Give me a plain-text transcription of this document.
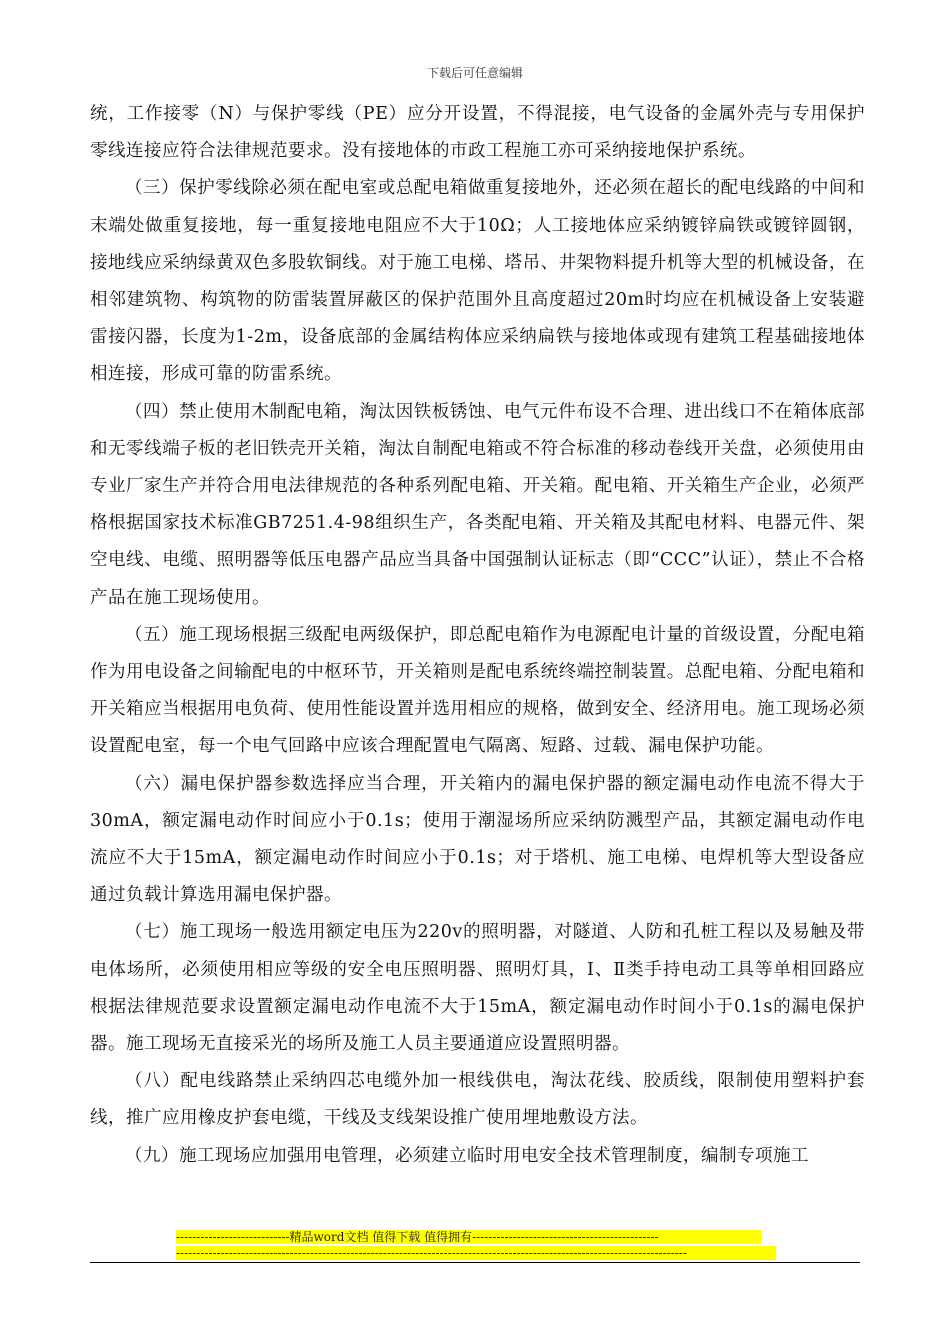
下载后可任意编辑

统，工作接零（N）与保护零线（PE）应分开设置，不得混接，电气设备的金属外壳与专用保护零线连接应符合法律规范要求。没有接地体的市政工程施工亦可采纳接地保护系统。

（三）保护零线除必须在配电室或总配电箱做重复接地外，还必须在超长的配电线路的中间和末端处做重复接地，每一重复接地电阻应不大于10Ω；人工接地体应采纳镀锌扁铁或镀锌圆钢，接地线应采纳绿黄双色多股软铜线。对于施工电梯、塔吊、井架物料提升机等大型的机械设备，在相邻建筑物、构筑物的防雷装置屏蔽区的保护范围外且高度超过20m时均应在机械设备上安装避雷接闪器，长度为1-2m，设备底部的金属结构体应采纳扁铁与接地体或现有建筑工程基础接地体相连接，形成可靠的防雷系统。

（四）禁止使用木制配电箱，淘汰因铁板锈蚀、电气元件布设不合理、进出线口不在箱体底部和无零线端子板的老旧铁壳开关箱，淘汰自制配电箱或不符合标准的移动卷线开关盘，必须使用由专业厂家生产并符合用电法律规范的各种系列配电箱、开关箱。配电箱、开关箱生产企业，必须严格根据国家技术标准GB7251.4-98组织生产，各类配电箱、开关箱及其配电材料、电器元件、架空电线、电缆、照明器等低压电器产品应当具备中国强制认证标志（即“CCC”认证），禁止不合格产品在施工现场使用。

（五）施工现场根据三级配电两级保护，即总配电箱作为电源配电计量的首级设置，分配电箱作为用电设备之间输配电的中枢环节，开关箱则是配电系统终端控制装置。总配电箱、分配电箱和开关箱应当根据用电负荷、使用性能设置并选用相应的规格，做到安全、经济用电。施工现场必须设置配电室，每一个电气回路中应该合理配置电气隔离、短路、过载、漏电保护功能。

（六）漏电保护器参数选择应当合理，开关箱内的漏电保护器的额定漏电动作电流不得大于30mA，额定漏电动作时间应小于0.1s；使用于潮湿场所应采纳防溅型产品，其额定漏电动作电流应不大于15mA，额定漏电动作时间应小于0.1s；对于塔机、施工电梯、电焊机等大型设备应通过负载计算选用漏电保护器。

（七）施工现场一般选用额定电压为220v的照明器，对隧道、人防和孔桩工程以及易触及带电体场所，必须使用相应等级的安全电压照明器、照明灯具，Ⅰ、Ⅱ类手持电动工具等单相回路应根据法律规范要求设置额定漏电动作电流不大于15mA，额定漏电动作时间小于0.1s的漏电保护器。施工现场无直接采光的场所及施工人员主要通道应设置照明器。

（八）配电线路禁止采纳四芯电缆外加一根线供电，淘汰花线、胶质线，限制使用塑料护套线，推广应用橡皮护套电缆，干线及支线架设推广使用埋地敷设方法。

（九）施工现场应加强用电管理，必须建立临时用电安全技术管理制度，编制专项施工

----------------------------精品word文档 值得下载 值得拥有----------------------------------------------
------------------------------------------------------------------------------------------------------------------------------
